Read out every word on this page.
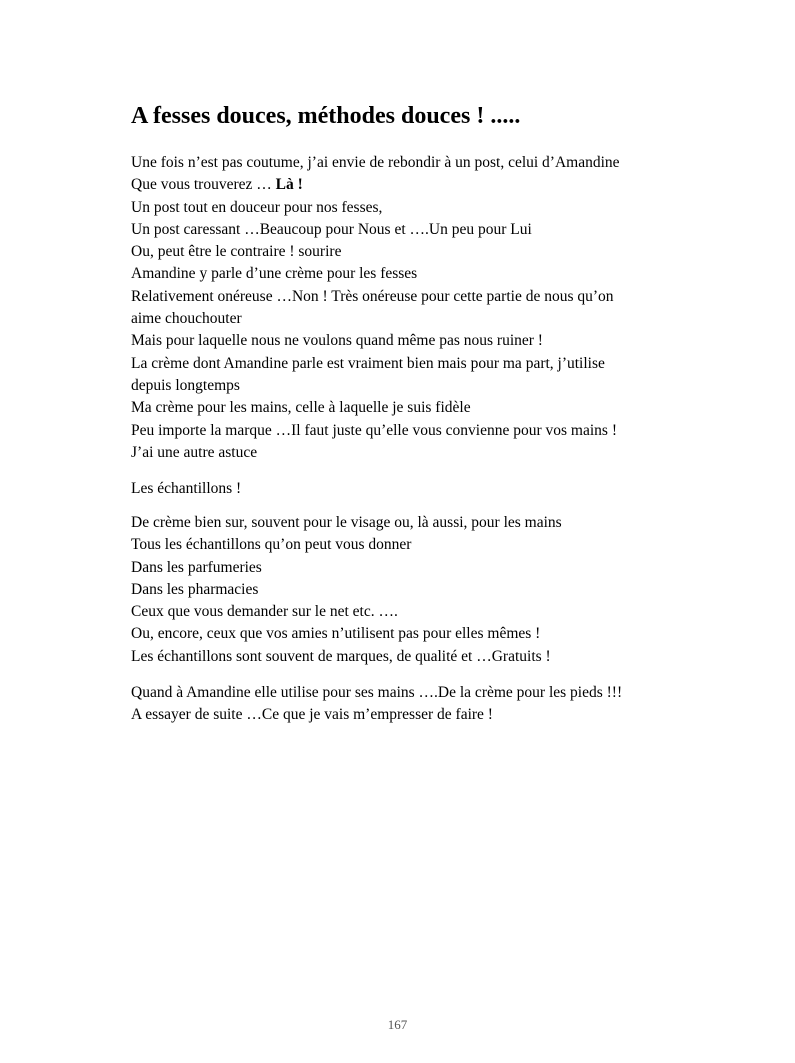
A fesses douces, méthodes douces ! .....
Une fois n’est pas coutume, j’ai envie de rebondir à un post, celui d’Amandine
Que vous trouverez … Là !
Un post tout en douceur pour nos fesses,
Un post caressant …Beaucoup pour Nous et ….Un peu pour Lui
Ou, peut être le contraire ! sourire
Amandine y parle d’une crème pour les fesses
Relativement onéreuse …Non ! Très onéreuse pour cette partie de nous qu’on
aime chouchouter
Mais pour laquelle nous ne voulons quand même pas nous ruiner !
La crème dont Amandine parle est vraiment bien mais pour ma part, j’utilise
depuis longtemps
Ma crème pour les mains, celle à laquelle je suis fidèle
Peu importe la marque …Il faut juste qu’elle vous convienne pour vos mains !
J’ai une autre astuce
Les échantillons !
De crème bien sur, souvent pour le visage ou, là aussi, pour les mains
Tous les échantillons qu’on peut vous donner
Dans les parfumeries
Dans les pharmacies
Ceux que vous demander sur le net etc. ….
Ou, encore, ceux que vos amies n’utilisent pas pour elles mêmes !
Les échantillons sont souvent de marques, de qualité et …Gratuits !
Quand à Amandine elle utilise pour ses mains ….De la crème pour les pieds !!!
A essayer de suite …Ce que je vais m’empresser de faire !
167
